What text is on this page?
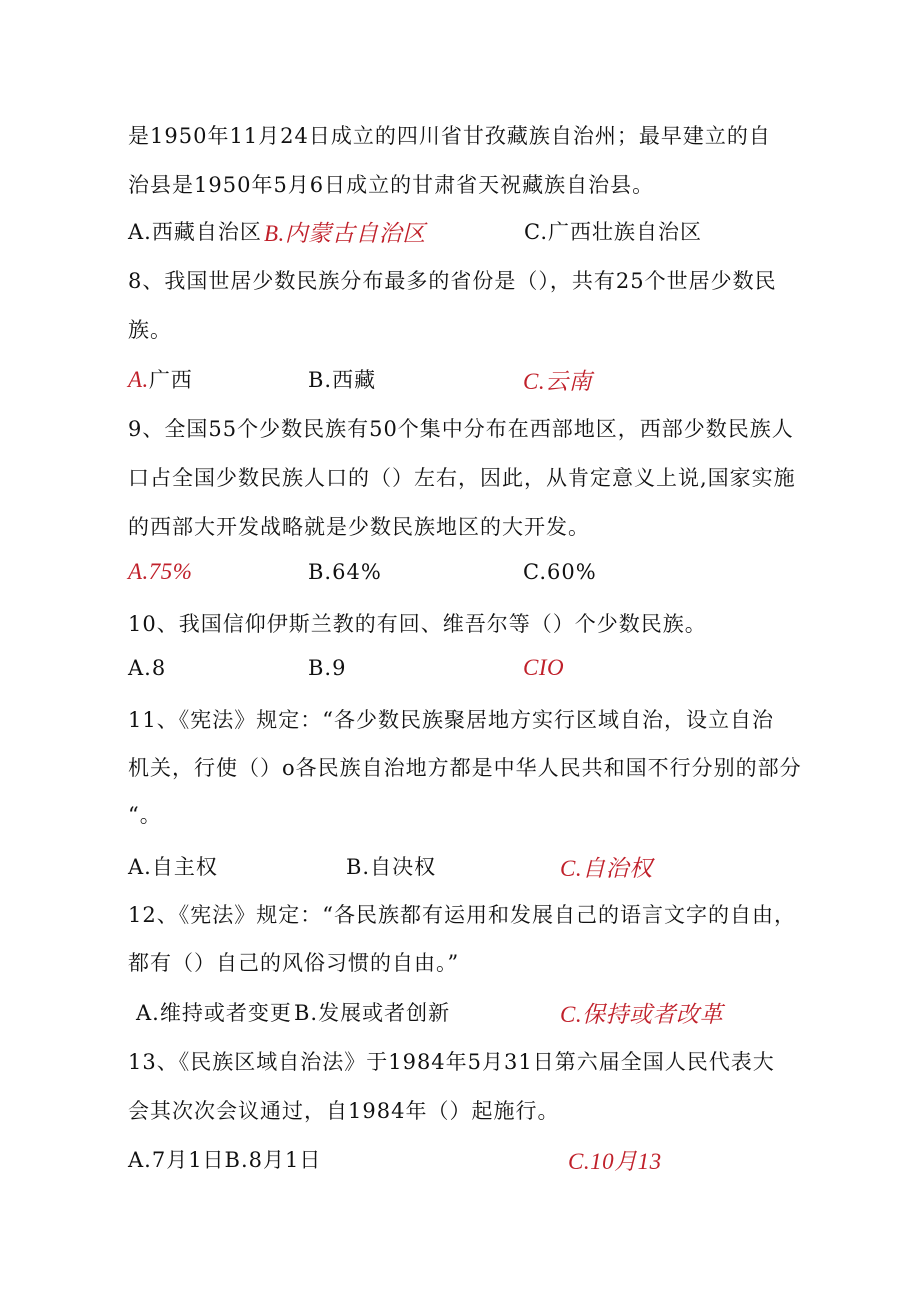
是1950年11月24日成立的四川省甘孜藏族自治州；最早建立的自
治县是1950年5月6日成立的甘肃省天祝藏族自治县。
A.西藏自治区 B.内蒙古自治区	C.广西壮族自治区
8、我国世居少数民族分布最多的省份是（），共有25个世居少数民
族。
A.广西	B.西藏	C.云南
9、全国55个少数民族有50个集中分布在西部地区，西部少数民族人
口占全国少数民族人口的（）左右，因此，从肯定意义上说,国家实施
的西部大开发战略就是少数民族地区的大开发。
A.75%	B.64%	C.60%
10、我国信仰伊斯兰教的有回、维吾尔等（）个少数民族。
A.8	B.9	CIO
11、《宪法》规定：“各少数民族聚居地方实行区域自治，设立自治
机关，行使（）o各民族自治地方都是中华人民共和国不行分别的部分
“。
A.自主权	B.自决权	C.自治权
12、《宪法》规定：“各民族都有运用和发展自己的语言文字的自由，
都有（）自己的风俗习惯的自由。”
A.维持或者变更 B.发展或者创新	C.保持或者改革
13、《民族区域自治法》于1984年5月31日第六届全国人民代表大
会其次次会议通过，自1984年（）起施行。
A.7月1日B.8月1日	C.10月13
